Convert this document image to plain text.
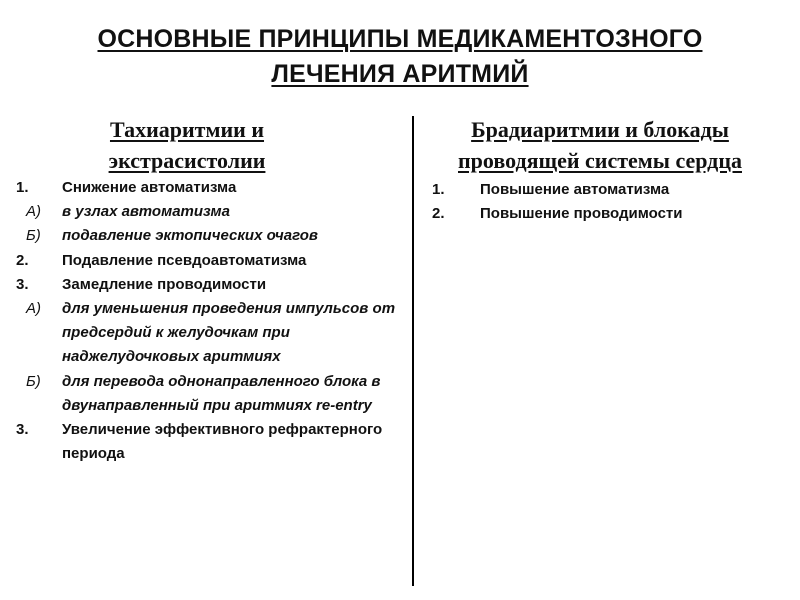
ОСНОВНЫЕ ПРИНЦИПЫ МЕДИКАМЕНТОЗНОГО
ЛЕЧЕНИЯ АРИТМИЙ
Тахиаритмии и
экстрасистолии
Брадиаритмии и блокады
проводящей системы сердца
1.	Снижение автоматизма
А)	в узлах автоматизма
Б)	подавление эктопических очагов
2.	Подавление псевдоавтоматизма
3.	Замедление проводимости
А)	для уменьшения проведения импульсов от предсердий к желудочкам при наджелудочковых аритмиях
Б)	для перевода однонаправленного блока в двунаправленный при аритмиях re-entry
3.	Увеличение эффективного рефрактерного периода
1.	Повышение автоматизма
2.	Повышение проводимости
